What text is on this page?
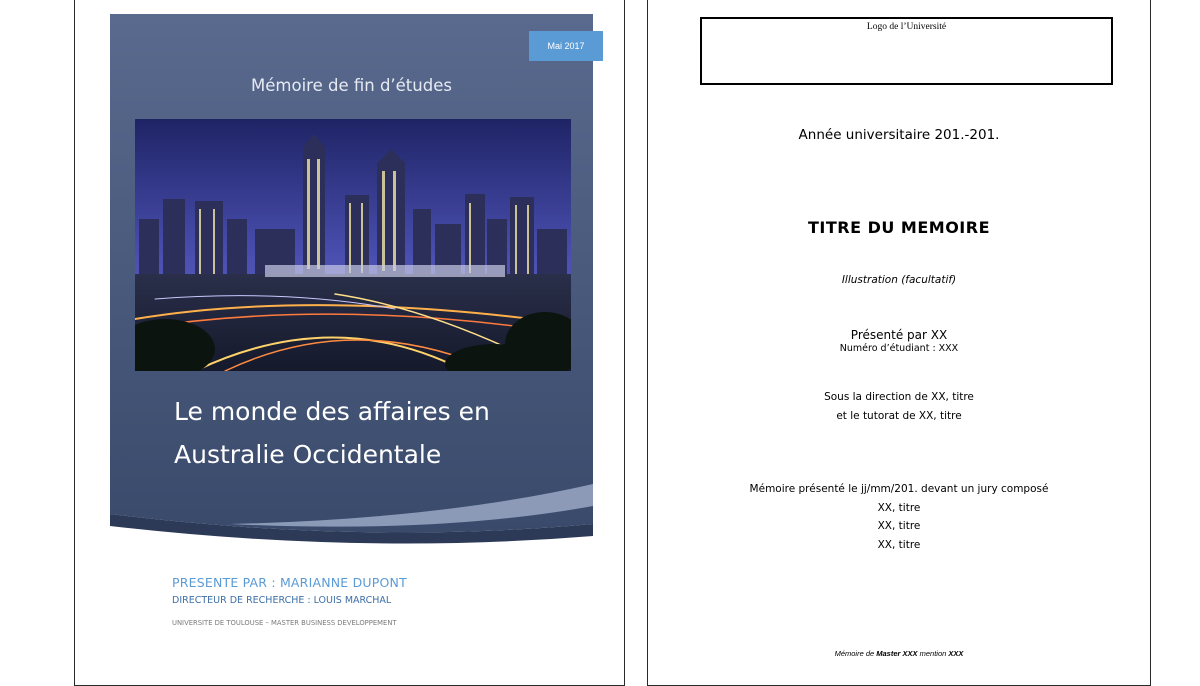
Mai 2017
Mémoire de fin d’études
Le monde des affaires en
Australie Occidentale
PRESENTE PAR : MARIANNE DUPONT
DIRECTEUR DE RECHERCHE : LOUIS MARCHAL
UNIVERSITE DE TOULOUSE – MASTER BUSINESS DEVELOPPEMENT
Logo de l’Université
Année universitaire 201.-201.
TITRE DU MEMOIRE
Illustration (facultatif)
Présenté par XX
Numéro d’étudiant : XXX
Sous la direction de XX, titre
et le tutorat de XX, titre
Mémoire présenté le jj/mm/201. devant un jury composé
XX, titre
XX, titre
XX, titre
Mémoire de Master XXX mention XXX
